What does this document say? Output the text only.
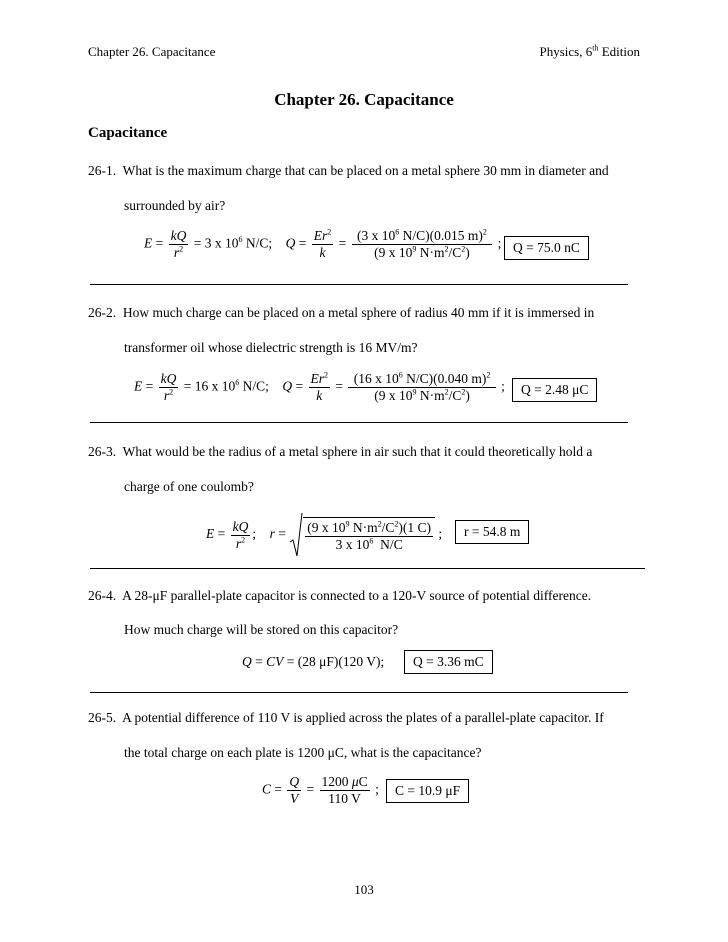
Chapter 26. Capacitance	Physics, 6th Edition
Chapter 26. Capacitance
Capacitance
26-1. What is the maximum charge that can be placed on a metal sphere 30 mm in diameter and
surrounded by air?
$E = \frac{kQ}{r^2} = 3$ x $10^6$ N/C;    $Q = \frac{Er^2}{k} = \frac{(3 x 10^6 N/C)(0.015 m)^2}{(9 x 10^9 N\cdot m^2/C^2)}$ ; Q = 75.0 nC
26-2. How much charge can be placed on a metal sphere of radius 40 mm if it is immersed in
transformer oil whose dielectric strength is 16 MV/m?
$E = \frac{kQ}{r^2} = 16$ x $10^6$ N/C;    $Q = \frac{Er^2}{k} = \frac{(16 x 10^6 N/C)(0.040 m)^2}{(9 x 10^9 N\cdot m^2/C^2)}$ ;	Q = 2.48 μC
26-3. What would be the radius of a metal sphere in air such that it could theoretically hold a
charge of one coulomb?
$E = \frac{kQ}{r^2}$ ;    $r = \frac{(9 x 10^9 N\cdot m^2/C^2)(1 C)}{3 x 10^6 N/C}$ ;	r = 54.8 m
26-4. A 28-μF parallel-plate capacitor is connected to a 120-V source of potential difference.
How much charge will be stored on this capacitor?
Q = CV = (28 μF)(120 V);	Q = 3.36 mC
26-5. A potential difference of 110 V is applied across the plates of a parallel-plate capacitor. If
the total charge on each plate is 1200 μC, what is the capacitance?
$C = \frac{Q}{V} = \frac{1200 \mu C}{110 V}$ ;	C = 10.9 μF
103
